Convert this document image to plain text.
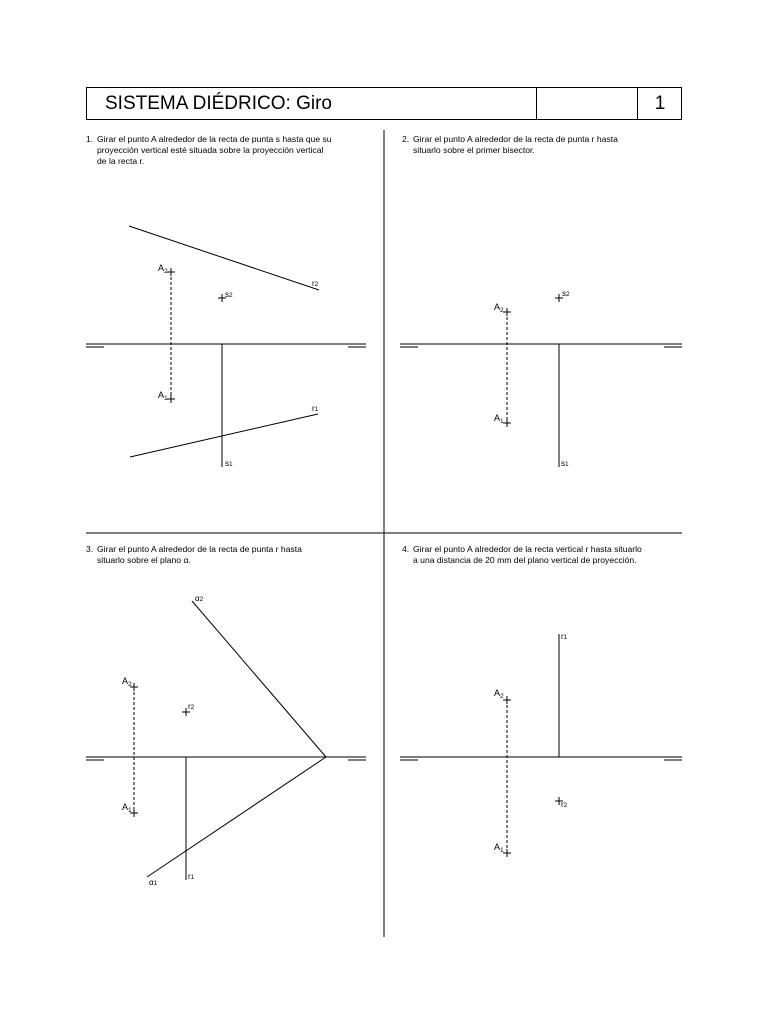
SISTEMA DIÉDRICO: Giro	1
1. Girar el punto A alrededor de la recta de punta s hasta que su
proyección vertical esté situada sobre la proyección vertical
de la recta r.
2. Girar el punto A alrededor de la recta de punta r hasta
situarlo sobre el primer bisector.
3. Girar el punto A alrededor de la recta de punta r hasta
situarlo sobre el plano α.
4. Girar el punto A alrededor de la recta vertical r hasta situarlo
a una distancia de 20 mm del plano vertical de proyección.
$A_2$
$A_1$
s2
s1
r2
r1
$A_2$
$A_1$
s2
s1
$A_2$
$A_1$
r2
r1
α2
α1
$A_2$
$A_1$
r1
r2
